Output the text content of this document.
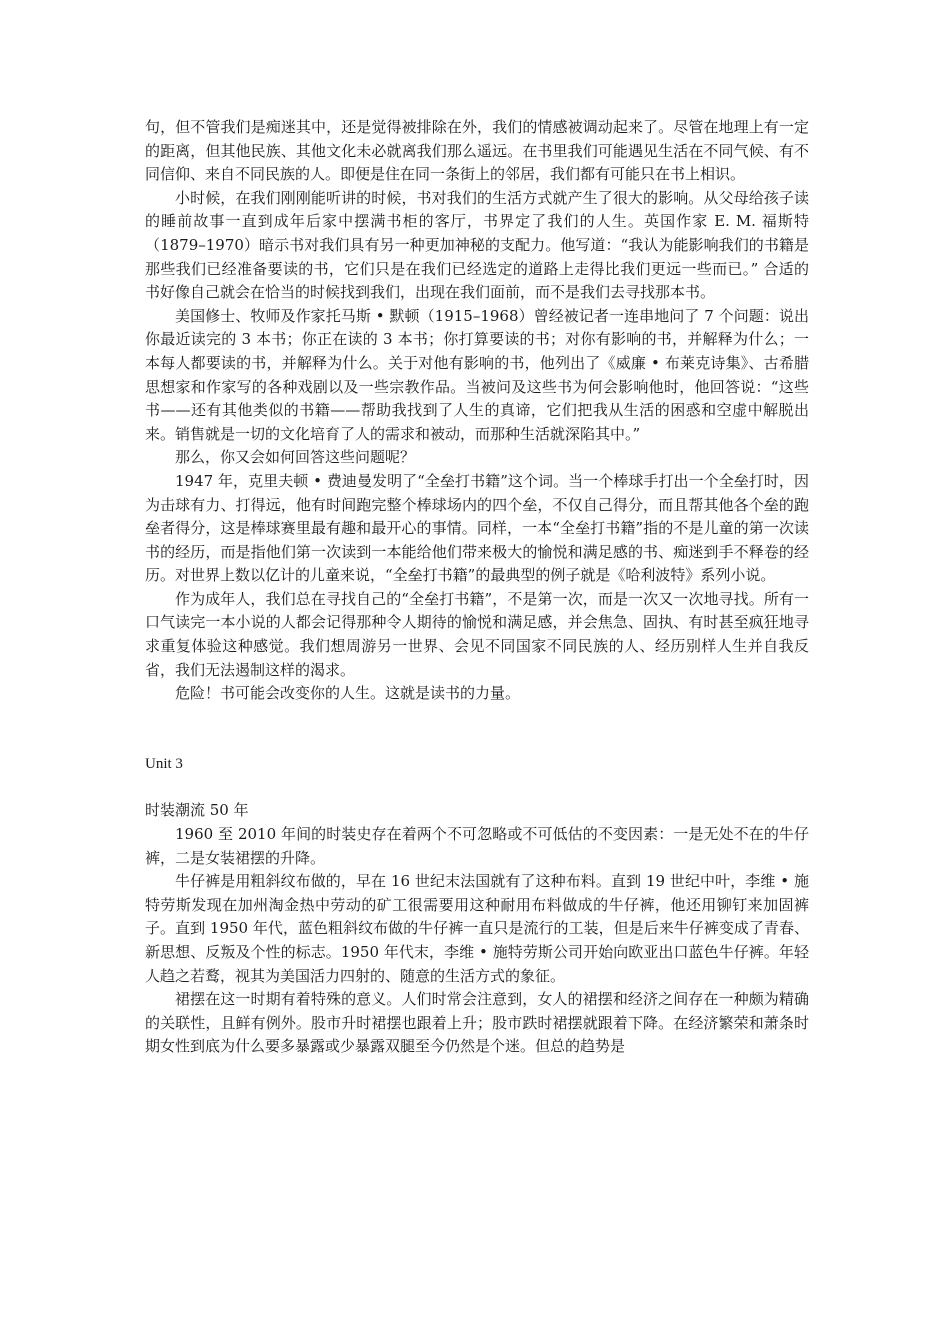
句，但不管我们是痴迷其中，还是觉得被排除在外，我们的情感被调动起来了。尽管在地理上有一定的距离，但其他民族、其他文化未必就离我们那么遥远。在书里我们可能遇见生活在不同气候、有不同信仰、来自不同民族的人。即便是住在同一条街上的邻居，我们都有可能只在书上相识。

小时候，在我们刚刚能听讲的时候，书对我们的生活方式就产生了很大的影响。从父母给孩子读的睡前故事一直到成年后家中摆满书柜的客厅，书界定了我们的人生。英国作家 E. M. 福斯特（1879–1970）暗示书对我们具有另一种更加神秘的支配力。他写道：“我认为能影响我们的书籍是那些我们已经准备要读的书，它们只是在我们已经选定的道路上走得比我们更远一些而已。” 合适的书好像自己就会在恰当的时候找到我们，出现在我们面前，而不是我们去寻找那本书。

美国修士、牧师及作家托马斯 • 默顿（1915–1968）曾经被记者一连串地问了 7 个问题：说出你最近读完的 3 本书；你正在读的 3 本书；你打算要读的书；对你有影响的书，并解释为什么；一本每人都要读的书，并解释为什么。关于对他有影响的书，他列出了《威廉 • 布莱克诗集》、古希腊思想家和作家写的各种戏剧以及一些宗教作品。当被问及这些书为何会影响他时，他回答说：“这些书——还有其他类似的书籍——帮助我找到了人生的真谛，它们把我从生活的困惑和空虚中解脱出来。销售就是一切的文化培育了人的需求和被动，而那种生活就深陷其中。”

那么，你又会如何回答这些问题呢？

1947 年，克里夫顿 • 费迪曼发明了“全垒打书籍”这个词。当一个棒球手打出一个全垒打时，因为击球有力、打得远，他有时间跑完整个棒球场内的四个垒，不仅自己得分，而且帮其他各个垒的跑垒者得分，这是棒球赛里最有趣和最开心的事情。同样，一本“全垒打书籍”指的不是儿童的第一次读书的经历，而是指他们第一次读到一本能给他们带来极大的愉悦和满足感的书、痴迷到手不释卷的经历。对世界上数以亿计的儿童来说，“全垒打书籍”的最典型的例子就是《哈利波特》系列小说。

作为成年人，我们总在寻找自己的“全垒打书籍”，不是第一次，而是一次又一次地寻找。所有一口气读完一本小说的人都会记得那种令人期待的愉悦和满足感，并会焦急、固执、有时甚至疯狂地寻求重复体验这种感觉。我们想周游另一世界、会见不同国家不同民族的人、经历别样人生并自我反省，我们无法遏制这样的渴求。

危险！书可能会改变你的人生。这就是读书的力量。

Unit 3

时装潮流 50 年

1960 至 2010 年间的时装史存在着两个不可忽略或不可低估的不变因素：一是无处不在的牛仔裤，二是女装裙摆的升降。

牛仔裤是用粗斜纹布做的，早在 16 世纪末法国就有了这种布料。直到 19 世纪中叶，李维 • 施特劳斯发现在加州淘金热中劳动的矿工很需要用这种耐用布料做成的牛仔裤，他还用铆钉来加固裤子。直到 1950 年代，蓝色粗斜纹布做的牛仔裤一直只是流行的工装，但是后来牛仔裤变成了青春、新思想、反叛及个性的标志。1950 年代末，李维 • 施特劳斯公司开始向欧亚出口蓝色牛仔裤。年轻人趋之若鹜，视其为美国活力四射的、随意的生活方式的象征。

裙摆在这一时期有着特殊的意义。人们时常会注意到，女人的裙摆和经济之间存在一种颇为精确的关联性，且鲜有例外。股市升时裙摆也跟着上升；股市跌时裙摆就跟着下降。在经济繁荣和萧条时期女性到底为什么要多暴露或少暴露双腿至今仍然是个迷。但总的趋势是
